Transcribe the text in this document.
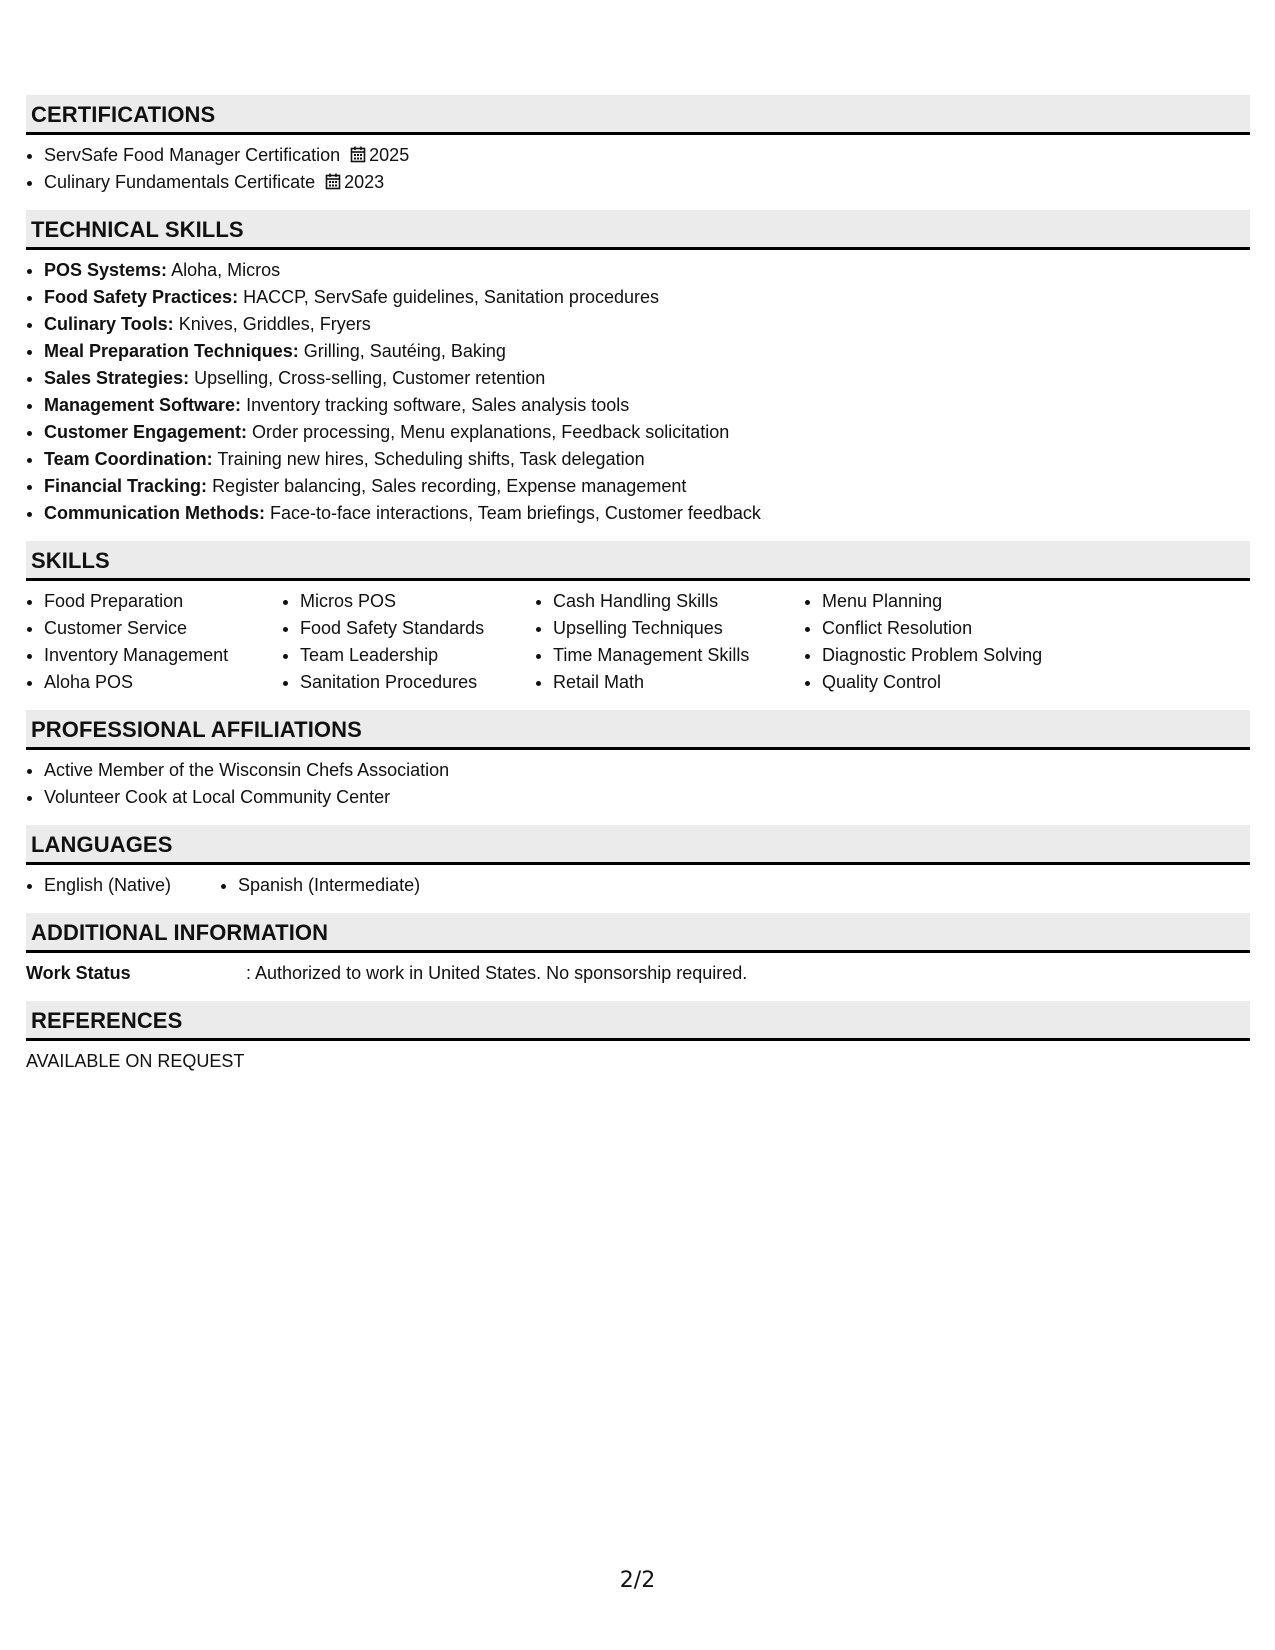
CERTIFICATIONS
• ServSafe Food Manager Certification 2025
• Culinary Fundamentals Certificate 2023
TECHNICAL SKILLS
• POS Systems: Aloha, Micros
• Food Safety Practices: HACCP, ServSafe guidelines, Sanitation procedures
• Culinary Tools: Knives, Griddles, Fryers
• Meal Preparation Techniques: Grilling, Sautéing, Baking
• Sales Strategies: Upselling, Cross-selling, Customer retention
• Management Software: Inventory tracking software, Sales analysis tools
• Customer Engagement: Order processing, Menu explanations, Feedback solicitation
• Team Coordination: Training new hires, Scheduling shifts, Task delegation
• Financial Tracking: Register balancing, Sales recording, Expense management
• Communication Methods: Face-to-face interactions, Team briefings, Customer feedback
SKILLS
• Food Preparation
• Customer Service
• Inventory Management
• Aloha POS
• Micros POS
• Food Safety Standards
• Team Leadership
• Sanitation Procedures
• Cash Handling Skills
• Upselling Techniques
• Time Management Skills
• Retail Math
• Menu Planning
• Conflict Resolution
• Diagnostic Problem Solving
• Quality Control
PROFESSIONAL AFFILIATIONS
• Active Member of the Wisconsin Chefs Association
• Volunteer Cook at Local Community Center
LANGUAGES
• English (Native)
•	Spanish (Intermediate)
ADDITIONAL INFORMATION
Work Status	: Authorized to work in United States. No sponsorship required.
REFERENCES
AVAILABLE ON REQUEST
2/2
